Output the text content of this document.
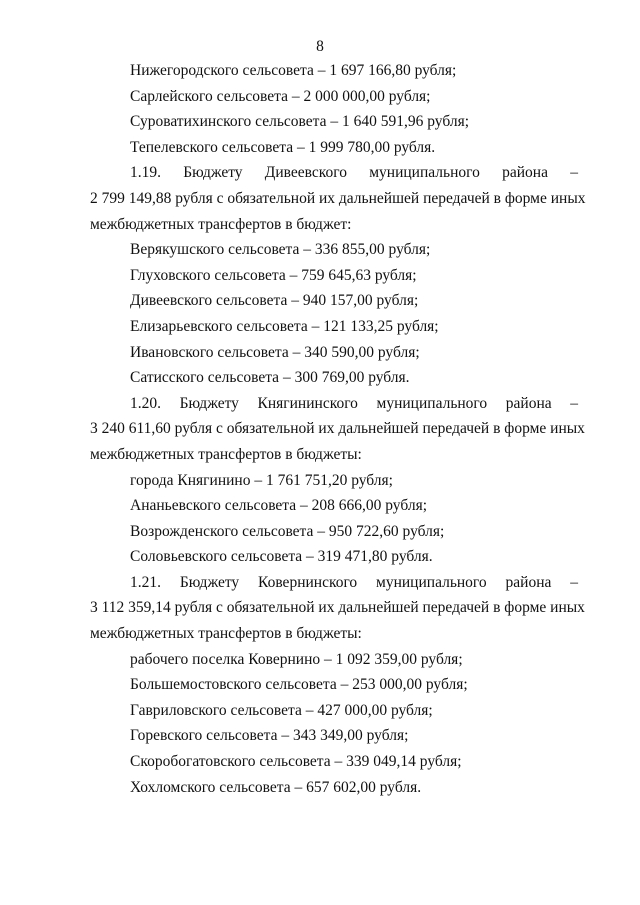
8
Нижегородского сельсовета – 1 697 166,80 рубля;
Сарлейского сельсовета – 2 000 000,00 рубля;
Суроватихинского сельсовета – 1 640 591,96 рубля;
Тепелевского сельсовета – 1 999 780,00 рубля.
1.19. Бюджету Дивеевского муниципального района –
2 799 149,88 рубля с обязательной их дальнейшей передачей в форме иных
межбюджетных трансфертов в бюджет:
Верякушского сельсовета – 336 855,00 рубля;
Глуховского сельсовета – 759 645,63 рубля;
Дивеевского сельсовета – 940 157,00 рубля;
Елизарьевского сельсовета – 121 133,25 рубля;
Ивановского сельсовета – 340 590,00 рубля;
Сатисского сельсовета – 300 769,00 рубля.
1.20. Бюджету Княгининского муниципального района –
3 240 611,60 рубля с обязательной их дальнейшей передачей в форме иных
межбюджетных трансфертов в бюджеты:
города Княгинино – 1 761 751,20 рубля;
Ананьевского сельсовета – 208 666,00 рубля;
Возрожденского сельсовета – 950 722,60 рубля;
Соловьевского сельсовета – 319 471,80 рубля.
1.21. Бюджету Ковернинского муниципального района –
3 112 359,14 рубля с обязательной их дальнейшей передачей в форме иных
межбюджетных трансфертов в бюджеты:
рабочего поселка Ковернино – 1 092 359,00 рубля;
Большемостовского сельсовета – 253 000,00 рубля;
Гавриловского сельсовета – 427 000,00 рубля;
Горевского сельсовета – 343 349,00 рубля;
Скоробогатовского сельсовета – 339 049,14 рубля;
Хохломского сельсовета – 657 602,00 рубля.
